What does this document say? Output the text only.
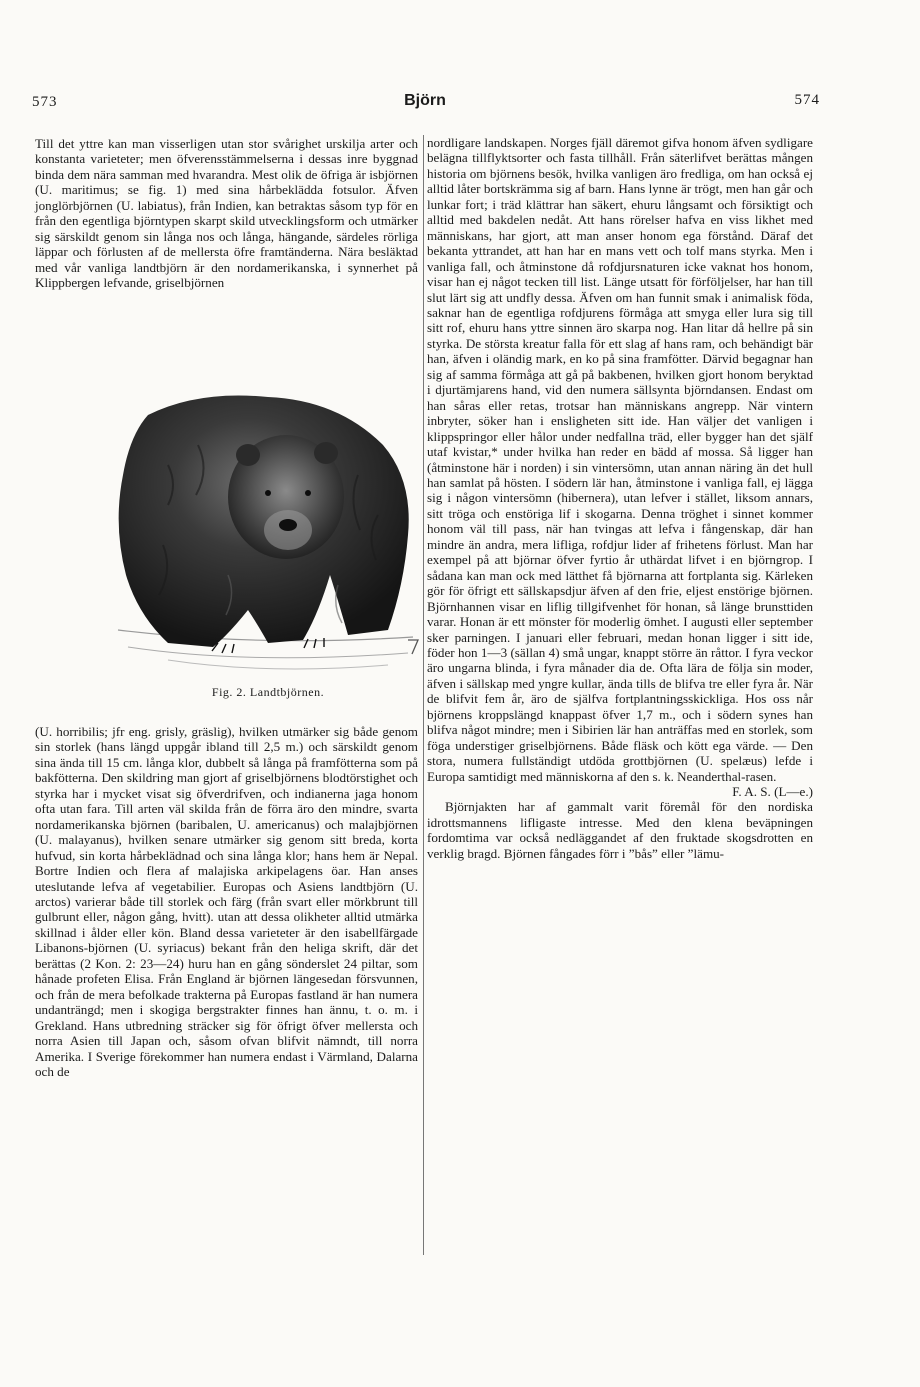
573	Björn	574

Till det yttre kan man visserligen utan stor svårighet urskilja arter och konstanta varieteter; men öfverensstämmelserna i dessas inre byggnad binda dem nära samman med hvarandra. Mest olik de öfriga är isbjörnen (U. maritimus; se fig. 1) med sina hårbeklädda fotsulor. Äfven jonglörbjörnen (U. labiatus), från Indien, kan betraktas såsom typ för en från den egentliga björntypen skarpt skild utvecklingsform och utmärker sig särskildt genom sin långa nos och långa, hängande, särdeles rörliga läppar och förlusten af de mellersta öfre framtänderna. Nära besläktad med vår vanliga landtbjörn är den nordamerikanska, i synnerhet på Klippbergen lefvande, griselbjörnen

Fig. 2. Landtbjörnen.

(U. horribilis; jfr eng. grisly, gräslig), hvilken utmärker sig både genom sin storlek (hans längd uppgår ibland till 2,5 m.) och särskildt genom sina ända till 15 cm. långa klor, dubbelt så långa på framfötterna som på bakfötterna. Den skildring man gjort af griselbjörnens blodtörstighet och styrka har i mycket visat sig öfverdrifven, och indianerna jaga honom ofta utan fara. Till arten väl skilda från de förra äro den mindre, svarta nordamerikanska björnen (baribalen, U. americanus) och malajbjörnen (U. malayanus), hvilken senare utmärker sig genom sitt breda, korta hufvud, sin korta hårbeklädnad och sina långa klor; hans hem är Nepal. Bortre Indien och flera af malajiska arkipelagens öar. Han anses uteslutande lefva af vegetabilier. Europas och Asiens landtbjörn (U. arctos) varierar både till storlek och färg (från svart eller mörkbrunt till gulbrunt eller, någon gång, hvitt). utan att dessa olikheter alltid utmärka skillnad i ålder eller kön. Bland dessa varieteter är den isabellfärgade Libanons-björnen (U. syriacus) bekant från den heliga skrift, där det berättas (2 Kon. 2: 23—24) huru han en gång sönderslet 24 piltar, som hånade profeten Elisa. Från England är björnen längesedan försvunnen, och från de mera befolkade trakterna på Europas fastland är han numera undanträngd; men i skogiga bergstrakter finnes han ännu, t. o. m. i Grekland. Hans utbredning sträcker sig för öfrigt öfver mellersta och norra Asien till Japan och, såsom ofvan blifvit nämndt, till norra Amerika. I Sverige förekommer han numera endast i Värmland, Dalarna och de

nordligare landskapen. Norges fjäll däremot gifva honom äfven sydligare belägna tillflyktsorter och fasta tillhåll. Från säterlifvet berättas mången historia om björnens besök, hvilka vanligen äro fredliga, om han också ej alltid låter bortskrämma sig af barn. Hans lynne är trögt, men han går och lunkar fort; i träd klättrar han säkert, ehuru långsamt och försiktigt och alltid med bakdelen nedåt. Att hans rörelser hafva en viss likhet med människans, har gjort, att man anser honom ega förstånd. Däraf det bekanta yttrandet, att han har en mans vett och tolf mans styrka. Men i vanliga fall, och åtminstone då rofdjursnaturen icke vaknat hos honom, visar han ej något tecken till list. Länge utsatt för förföljelser, har han till slut lärt sig att undfly dessa. Äfven om han funnit smak i animalisk föda, saknar han de egentliga rofdjurens förmåga att smyga eller lura sig till sitt rof, ehuru hans yttre sinnen äro skarpa nog. Han litar då hellre på sin styrka. De största kreatur falla för ett slag af hans ram, och behändigt bär han, äfven i oländig mark, en ko på sina framfötter. Därvid begagnar han sig af samma förmåga att gå på bakbenen, hvilken gjort honom beryktad i djurtämjarens hand, vid den numera sällsynta björndansen. Endast om han såras eller retas, trotsar han människans angrepp. När vintern inbryter, söker han i ensligheten sitt ide. Han väljer det vanligen i klippspringor eller hålor under nedfallna träd, eller bygger han det själf utaf kvistar,* under hvilka han reder en bädd af mossa. Så ligger han (åtminstone här i norden) i sin vintersömn, utan annan näring än det hull han samlat på hösten. I södern lär han, åtminstone i vanliga fall, ej lägga sig i någon vintersömn (hibernera), utan lefver i stället, liksom annars, sitt tröga och enstöriga lif i skogarna. Denna tröghet i sinnet kommer honom väl till pass, när han tvingas att lefva i fångenskap, där han mindre än andra, mera lifliga, rofdjur lider af frihetens förlust. Man har exempel på att björnar öfver fyrtio år uthärdat lifvet i en björngrop. I sådana kan man ock med lätthet få björnarna att fortplanta sig. Kärleken gör för öfrigt ett sällskapsdjur äfven af den frie, eljest enstörige björnen. Björnhannen visar en liflig tillgifvenhet för honan, så länge brunsttiden varar. Honan är ett mönster för moderlig ömhet. I augusti eller september sker parningen. I januari eller februari, medan honan ligger i sitt ide, föder hon 1—3 (sällan 4) små ungar, knappt större än råttor. I fyra veckor äro ungarna blinda, i fyra månader dia de. Ofta lära de följa sin moder, äfven i sällskap med yngre kullar, ända tills de blifva tre eller fyra år. När de blifvit fem år, äro de själfva fortplantningsskickliga. Hos oss når björnens kroppslängd knappast öfver 1,7 m., och i södern synes han blifva något mindre; men i Sibirien lär han anträffas med en storlek, som föga understiger griselbjörnens. Både fläsk och kött ega värde. — Den stora, numera fullständigt utdöda grottbjörnen (U. spelæus) lefde i Europa samtidigt med människorna af den s. k. Neanderthal-rasen.

F. A. S. (L—e.)

Björnjakten har af gammalt varit föremål för den nordiska idrottsmannens lifligaste intresse. Med den klena beväpningen fordomtima var också nedläggandet af den fruktade skogsdrotten en verklig bragd. Björnen fångades förr i ”bås” eller ”lämu-
